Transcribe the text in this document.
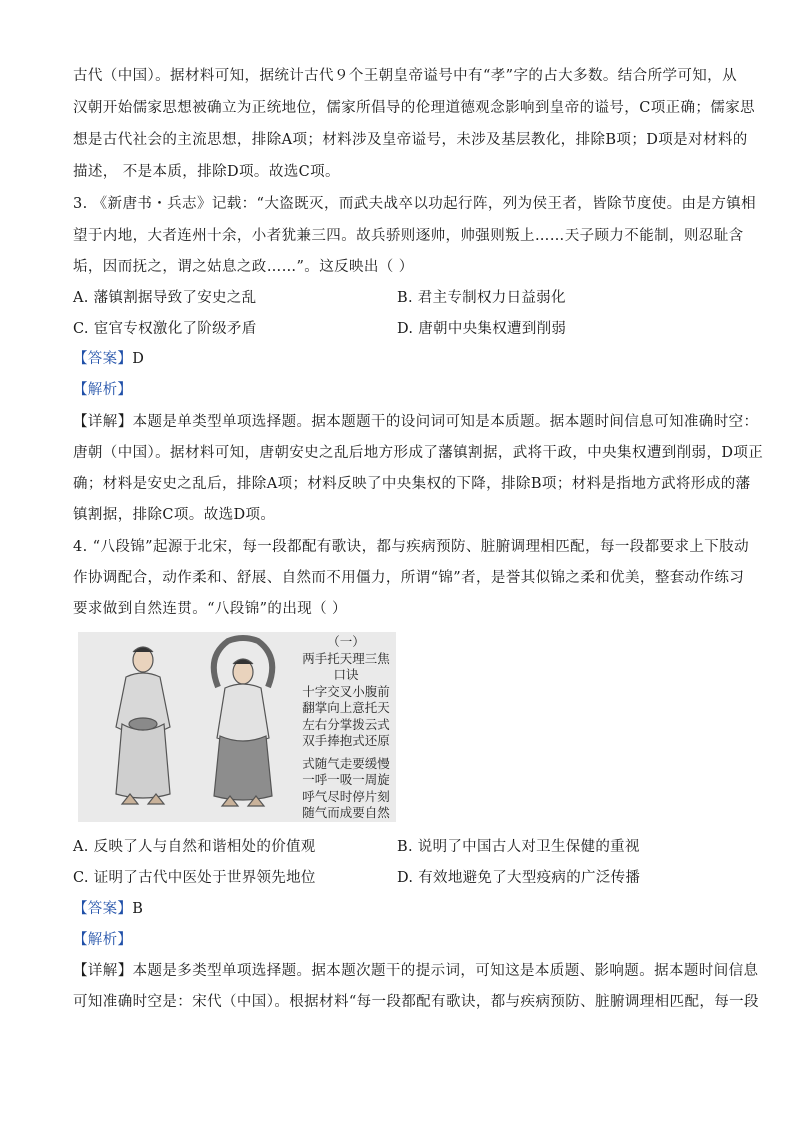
古代（中国）。据材料可知，据统计古代９个王朝皇帝谥号中有“孝”字的占大多数。结合所学可知，从
汉朝开始儒家思想被确立为正统地位，儒家所倡导的伦理道德观念影响到皇帝的谥号，C项正确；儒家思
想是古代社会的主流思想，排除A项；材料涉及皇帝谥号，未涉及基层教化，排除B项；D项是对材料的
描述， 不是本质，排除D项。故选C项。
3. 《新唐书・兵志》记载：“大盗既灭，而武夫战卒以功起行阵，列为侯王者，皆除节度使。由是方镇相
望于内地，大者连州十余，小者犹兼三四。故兵骄则逐帅，帅强则叛上……天子顾力不能制，则忍耻含
垢，因而抚之，谓之姑息之政……”。这反映出（ ）
A. 藩镇割据导致了安史之乱	B. 君主专制权力日益弱化
C. 宦官专权激化了阶级矛盾	D. 唐朝中央集权遭到削弱
【答案】D
【解析】
【详解】本题是单类型单项选择题。据本题题干的设问词可知是本质题。据本题时间信息可知准确时空：
唐朝（中国）。据材料可知，唐朝安史之乱后地方形成了藩镇割据，武将干政，中央集权遭到削弱，D项正
确；材料是安史之乱后，排除A项；材料反映了中央集权的下降，排除B项；材料是指地方武将形成的藩
镇割据，排除C项。故选D项。
4. “八段锦”起源于北宋，每一段都配有歌诀，都与疾病预防、脏腑调理相匹配，每一段都要求上下肢动
作协调配合，动作柔和、舒展、自然而不用僵力，所谓“锦”者，是誉其似锦之柔和优美，整套动作练习
要求做到自然连贯。“八段锦”的出现（ ）
（一）
两手托天理三焦
口诀
十字交叉小腹前
翻掌向上意托天
左右分掌拨云式
双手捧抱式还原
式随气走要缓慢
一呼一吸一周旋
呼气尽时停片刻
随气而成要自然
A. 反映了人与自然和谐相处的价值观	B. 说明了中国古人对卫生保健的重视
C. 证明了古代中医处于世界领先地位	D. 有效地避免了大型疫病的广泛传播
【答案】B
【解析】
【详解】本题是多类型单项选择题。据本题次题干的提示词，可知这是本质题、影响题。据本题时间信息
可知准确时空是：宋代（中国）。根据材料“每一段都配有歌诀，都与疾病预防、脏腑调理相匹配，每一段
